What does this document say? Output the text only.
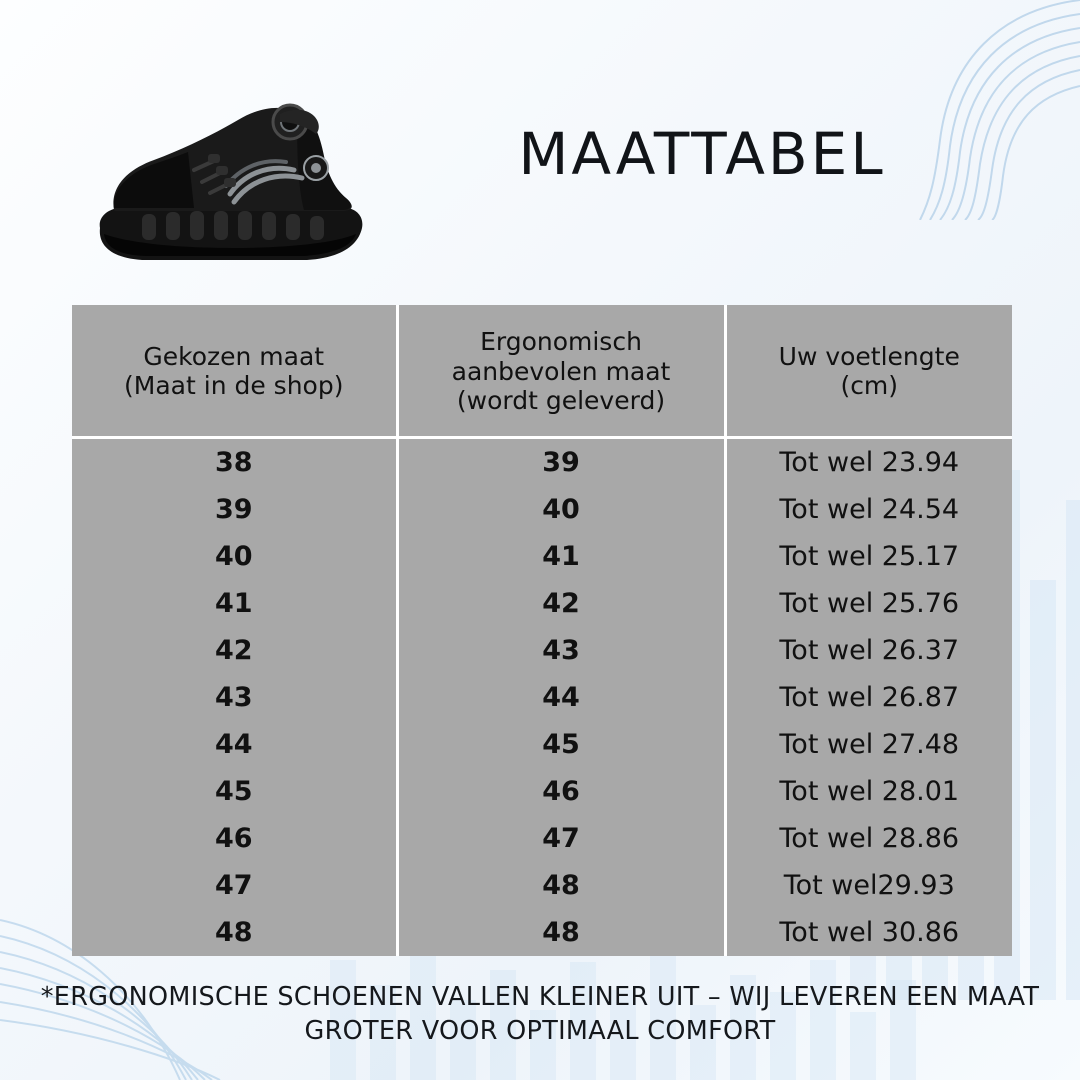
MAATTABEL
Gekozen maat
(Maat in de shop)

Ergonomisch
aanbevolen maat
(wordt geleverd)

Uw voetlengte
(cm)

38	39	Tot wel 23.94
39	40	Tot wel 24.54
40	41	Tot wel 25.17
41	42	Tot wel 25.76
42	43	Tot wel 26.37
43	44	Tot wel 26.87
44	45	Tot wel 27.48
45	46	Tot wel 28.01
46	47	Tot wel 28.86
47	48	Tot wel29.93
48	48	Tot wel 30.86
*ERGONOMISCHE SCHOENEN VALLEN KLEINER UIT – WIJ LEVEREN EEN MAAT GROTER VOOR OPTIMAAL COMFORT
